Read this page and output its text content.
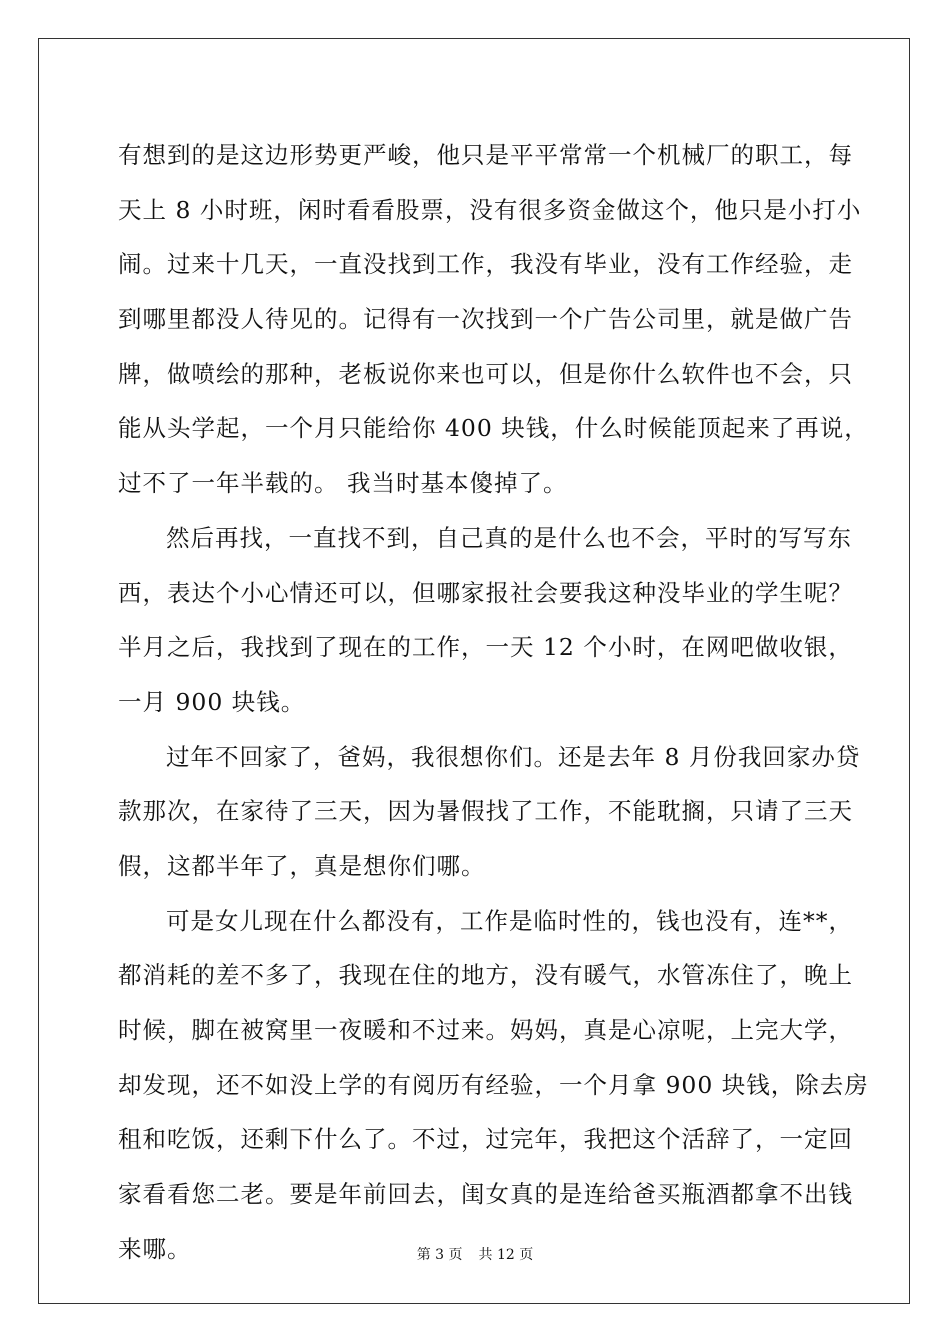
有想到的是这边形势更严峻，他只是平平常常一个机械厂的职工，每
天上 8 小时班，闲时看看股票，没有很多资金做这个，他只是小打小
闹。过来十几天，一直没找到工作，我没有毕业，没有工作经验，走
到哪里都没人待见的。记得有一次找到一个广告公司里，就是做广告
牌，做喷绘的那种，老板说你来也可以，但是你什么软件也不会，只
能从头学起，一个月只能给你 400 块钱，什么时候能顶起来了再说，
过不了一年半载的。 我当时基本傻掉了。
然后再找，一直找不到，自己真的是什么也不会，平时的写写东
西，表达个小心情还可以，但哪家报社会要我这种没毕业的学生呢？
半月之后，我找到了现在的工作，一天 12 个小时，在网吧做收银，
一月 900 块钱。
过年不回家了，爸妈，我很想你们。还是去年 8 月份我回家办贷
款那次，在家待了三天，因为暑假找了工作，不能耽搁，只请了三天
假，这都半年了，真是想你们哪。
可是女儿现在什么都没有，工作是临时性的，钱也没有，连**，
都消耗的差不多了，我现在住的地方，没有暖气，水管冻住了，晚上
时候，脚在被窝里一夜暖和不过来。妈妈，真是心凉呢，上完大学，
却发现，还不如没上学的有阅历有经验，一个月拿 900 块钱，除去房
租和吃饭，还剩下什么了。不过，过完年，我把这个活辞了，一定回
家看看您二老。要是年前回去，闺女真的是连给爸买瓶酒都拿不出钱
来哪。	第 3 页 共 12 页
